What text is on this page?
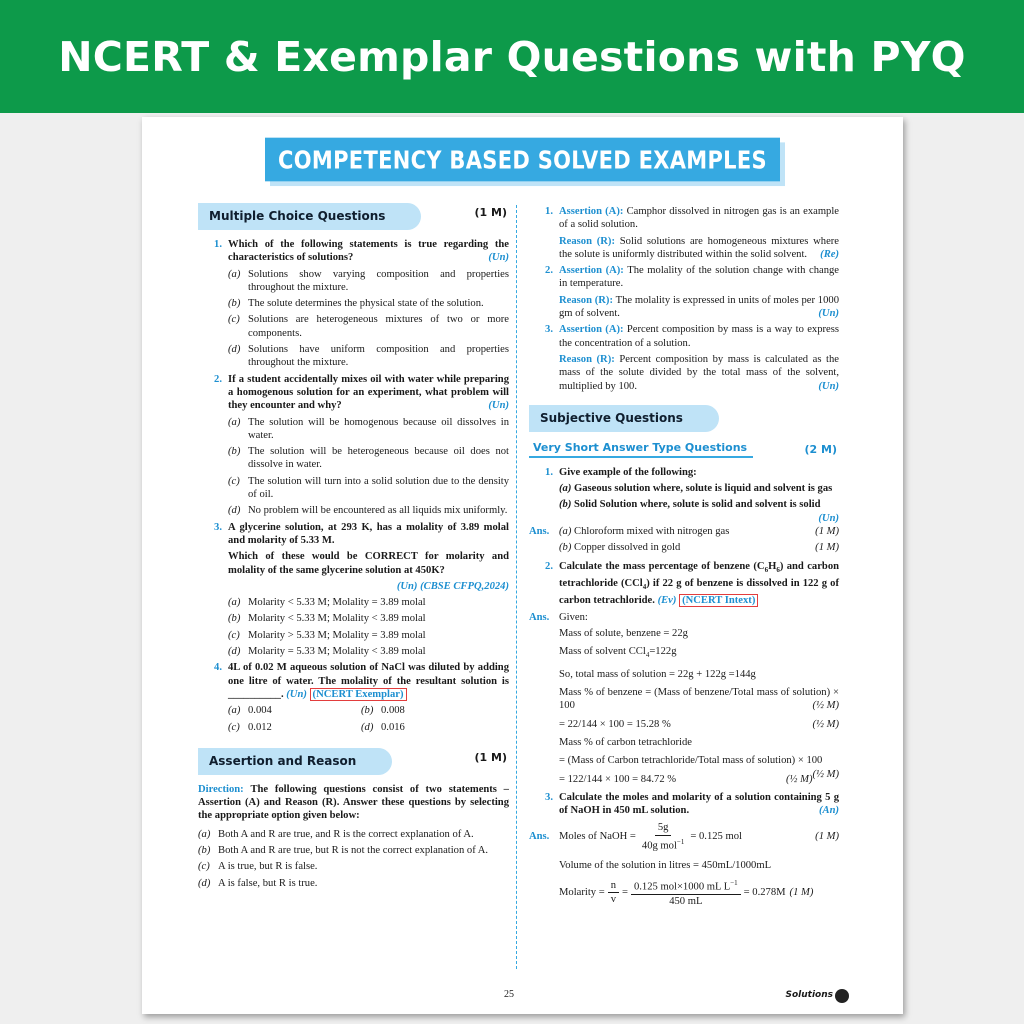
NCERT & Exemplar Questions with PYQ
COMPETENCY BASED SOLVED EXAMPLES
Multiple Choice Questions	(1 M)
1. Which of the following statements is true regarding the characteristics of solutions?	(Un)
(a) Solutions show varying composition and properties throughout the mixture.
(b) The solute determines the physical state of the solution.
(c) Solutions are heterogeneous mixtures of two or more components.
(d) Solutions have uniform composition and properties throughout the mixture.
2. If a student accidentally mixes oil with water while preparing a homogenous solution for an experiment, what problem will they encounter and why?	(Un)
(a) The solution will be homogenous because oil dissolves in water.
(b) The solution will be heterogeneous because oil does not dissolve in water.
(c) The solution will turn into a solid solution due to the density of oil.
(d) No problem will be encountered as all liquids mix uniformly.
3. A glycerine solution, at 293 K, has a molality of 3.89 molal and molarity of 5.33 M.
Which of these would be CORRECT for molarity and molality of the same glycerine solution at 450K?
(Un) (CBSE CFPQ,2024)
(a) Molarity < 5.33 M; Molality = 3.89 molal
(b) Molarity < 5.33 M; Molality < 3.89 molal
(c) Molarity > 5.33 M; Molality = 3.89 molal
(d) Molarity = 5.33 M; Molality < 3.89 molal
4. 4L of 0.02 M aqueous solution of NaCl was diluted by adding one litre of water. The molality of the resultant solution is __________. (Un) (NCERT Exemplar)
(a) 0.004	(b) 0.008
(c) 0.012	(d) 0.016
Assertion and Reason	(1 M)
Direction: The following questions consist of two statements – Assertion (A) and Reason (R). Answer these questions by selecting the appropriate option given below:
(a) Both A and R are true, and R is the correct explanation of A.
(b) Both A and R are true, but R is not the correct explanation of A.
(c) A is true, but R is false.
(d) A is false, but R is true.
1. Assertion (A): Camphor dissolved in nitrogen gas is an example of a solid solution.
Reason (R): Solid solutions are homogeneous mixtures where the solute is uniformly distributed within the solid solvent. (Re)
2. Assertion (A): The molality of the solution change with change in temperature.
Reason (R): The molality is expressed in units of moles per 1000 gm of solvent.	(Un)
3. Assertion (A): Percent composition by mass is a way to express the concentration of a solution.
Reason (R): Percent composition by mass is calculated as the mass of the solute divided by the total mass of the solvent, multiplied by 100.	(Un)
Subjective Questions
Very Short Answer Type Questions	(2 M)
1. Give example of the following:
(a) Gaseous solution where, solute is liquid and solvent is gas
(b) Solid Solution where, solute is solid and solvent is solid

(Un)
Ans. (a) Chloroform mixed with nitrogen gas	(1 M)
(b) Copper dissolved in gold	(1 M)
2. Calculate the mass percentage of benzene $(C_6H_6)$ and carbon tetrachloride (CCl$_4$) if 22 g of benzene is dissolved in 122 g of carbon tetrachloride. (Ev) (NCERT Intext)
Ans. Given:
Mass of solute, benzene = 22g
Mass of solvent CCl$_4$=122g
So, total mass of solution = 22g + 122g =144g
Mass % of benzene = (Mass of benzene/Total mass of solution) × 100	(½ M)
= 22/144 × 100 = 15.28 %	(½ M)
Mass % of carbon tetrachloride
= (Mass of Carbon tetrachloride/Total mass of solution) × 100
(½ M)
= 122/144 × 100 = 84.72 %	(½ M)
3. Calculate the moles and molarity of a solution containing 5 g of NaOH in 450 mL solution.	(An)
Ans. Moles of NaOH = $\frac{5g}{40g mol^{-1}} = 0.125$ mol	(1 M)
Volume of the solution in litres = 450mL/1000mL
Molarity = $\frac{n}{v} = \frac{0.125 mol\times 1000 mL L^{-1}}{450 mL} = 0.278M$ (1 M)
25	Solutions
